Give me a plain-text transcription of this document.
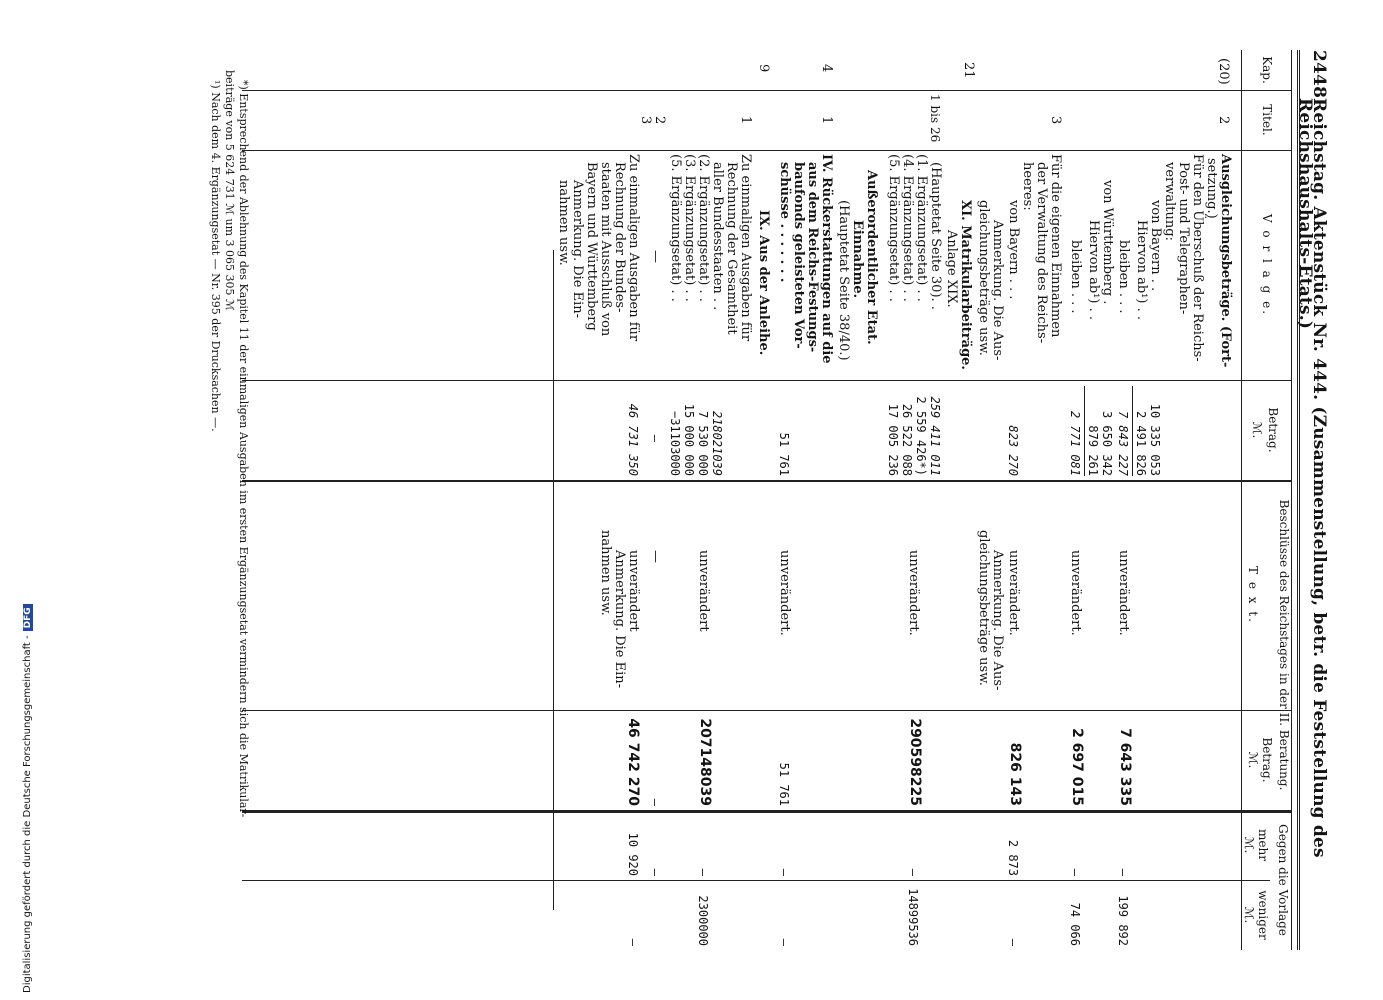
2448
Reichstag. Aktenstück Nr. 444. (Zusammenstellung, betr. die Feststellung des Reichshaushalts-Etats.)
Kap.
Titel.
V o r l a g e.
Betrag.
ℳ.
Beschlüsse des Reichstages in der II. Beratung.
T e x t.
Betrag.
ℳ.
Gegen die Vorlage
mehr
weniger
ℳ.
ℳ.
(20)
2
Ausgleichungsbeträge. (Fort-
setzung.)
Für den Überschuß der Reichs-
Post- und Telegraphen-
verwaltung:
von Bayern . .
10 335 053
Hiervon ab¹) . .
2 491 826
bleiben . . .
7 843 227
von Württemberg .
3 650 342
Hiervon ab¹) . .
879 261
bleiben . . .
2 771 081
unverändert.
7 643 335
—
199 892
unverändert.
2 697 015
—
74 066
3
Für die eigenen Einnahmen
der Verwaltung des Reichs-
heeres:
von Bayern . . .
823 270
Anmerkung. Die Aus-
gleichungsbeträge usw.
unverändert.
Anmerkung. Die Aus-
gleichungsbeträge usw.
826 143
2 873
—
21
XI. Matrikularbeiträge.
Anlage XIX.
1 bis 26
(Hauptetat Seite 30). .
259 411 011
(1. Ergänzungsetat) . .
2 559 426*)
(4. Ergänzungsetat) . .
26 522 088
(5. Ergänzungsetat) . .
17 005 236
unverändert.
290598225
—
14899536
Außerordentlicher Etat.
Einnahme.
(Hauptetat Seite 38/40.)
4
1
IV. Rückerstattungen auf die
aus dem Reichs-Festungs-
baufonds geleisteten Vor-
schüsse . . . . . . .
51 761
unverändert.
51 761
—
—
9
IX. Aus der Anleihe.
1
Zu einmaligen Ausgaben für
Rechnung der Gesamtheit
aller Bundesstaaten . .
218021039
(2. Ergänzungsetat) . .
7 530 000
(3. Ergänzungsetat) . .
15 000 000
(5. Ergänzungsetat) . .
−31103000
unverändert
207148039
—
2300000
2
3
—
—
—
—
—
Zu einmaligen Ausgaben für
Rechnung der Bundes-
staaten mit Ausschluß von
Bayern und Württemberg
Anmerkung. Die Ein-
nahmen usw.
46 731 350
unverändert
Anmerkung. Die Ein-
nahmen usw.
46 742 270
10 920
—
*) Entsprechend der Ablehnung des Kapitel 11 der einmaligen Ausgaben im ersten Ergänzungsetat vermindern sich die Matrikular-
beiträge von 5 624 731 ℳ um 3 065 305 ℳ
¹) Nach dem 4. Ergänzungsetat — Nr. 395 der Drucksachen —.
Digitalisierung gefördert durch die Deutsche Forschungsgemeinschaft -DFG
